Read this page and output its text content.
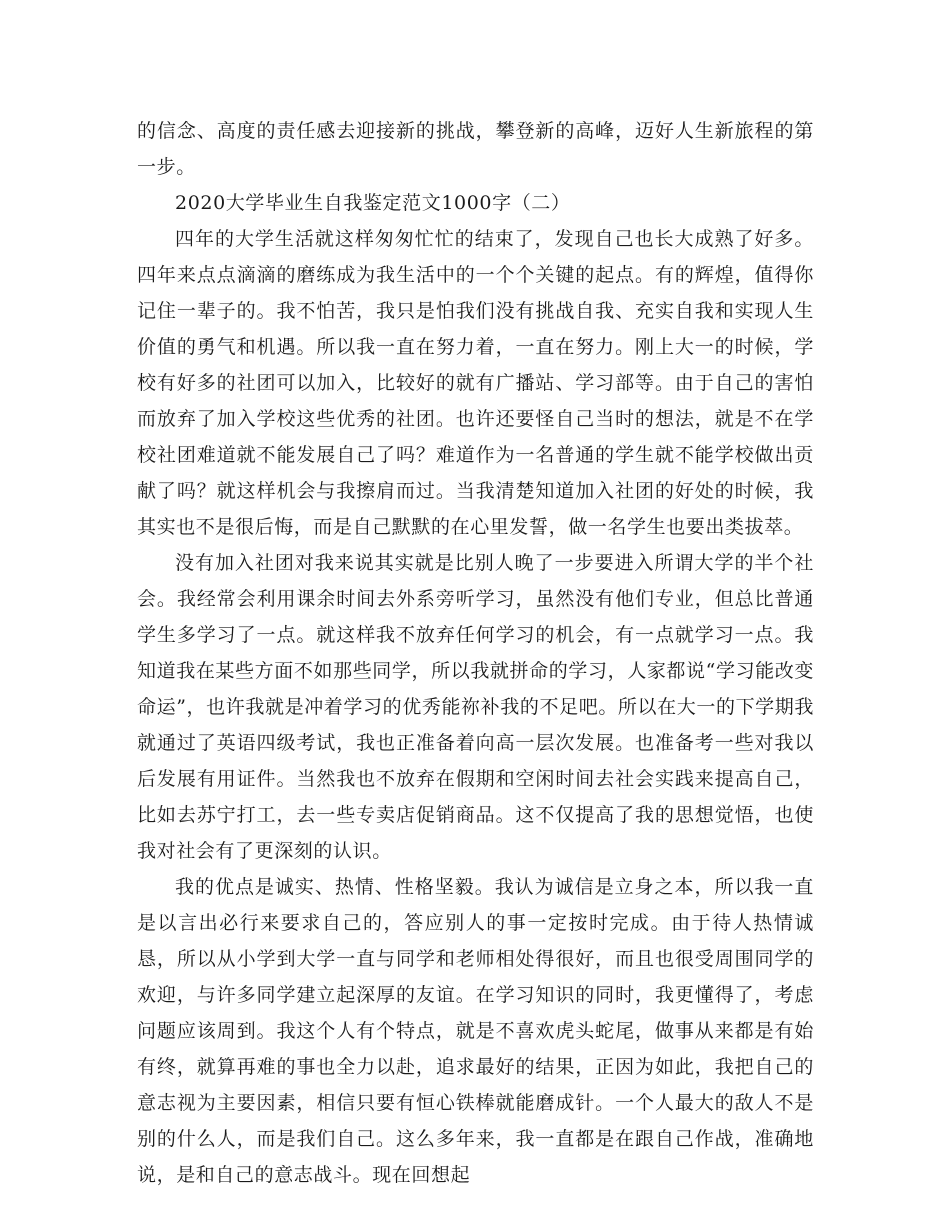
的信念、高度的责任感去迎接新的挑战，攀登新的高峰，迈好人生新旅程的第一步。

2020大学毕业生自我鉴定范文1000字（二）

四年的大学生活就这样匆匆忙忙的结束了，发现自己也长大成熟了好多。四年来点点滴滴的磨练成为我生活中的一个个关键的起点。有的辉煌，值得你记住一辈子的。我不怕苦，我只是怕我们没有挑战自我、充实自我和实现人生价值的勇气和机遇。所以我一直在努力着，一直在努力。刚上大一的时候，学校有好多的社团可以加入，比较好的就有广播站、学习部等。由于自己的害怕而放弃了加入学校这些优秀的社团。也许还要怪自己当时的想法，就是不在学校社团难道就不能发展自己了吗？难道作为一名普通的学生就不能学校做出贡献了吗？就这样机会与我擦肩而过。当我清楚知道加入社团的好处的时候，我其实也不是很后悔，而是自己默默的在心里发誓，做一名学生也要出类拔萃。

没有加入社团对我来说其实就是比别人晚了一步要进入所谓大学的半个社会。我经常会利用课余时间去外系旁听学习，虽然没有他们专业，但总比普通学生多学习了一点。就这样我不放弃任何学习的机会，有一点就学习一点。我知道我在某些方面不如那些同学，所以我就拼命的学习，人家都说“学习能改变命运”，也许我就是冲着学习的优秀能祢补我的不足吧。所以在大一的下学期我就通过了英语四级考试，我也正准备着向高一层次发展。也准备考一些对我以后发展有用证件。当然我也不放弃在假期和空闲时间去社会实践来提高自己，比如去苏宁打工，去一些专卖店促销商品。这不仅提高了我的思想觉悟，也使我对社会有了更深刻的认识。

我的优点是诚实、热情、性格坚毅。我认为诚信是立身之本，所以我一直是以言出必行来要求自己的，答应别人的事一定按时完成。由于待人热情诚恳，所以从小学到大学一直与同学和老师相处得很好，而且也很受周围同学的欢迎，与许多同学建立起深厚的友谊。在学习知识的同时，我更懂得了，考虑问题应该周到。我这个人有个特点，就是不喜欢虎头蛇尾，做事从来都是有始有终，就算再难的事也全力以赴，追求最好的结果，正因为如此，我把自己的意志视为主要因素，相信只要有恒心铁棒就能磨成针。一个人最大的敌人不是别的什么人，而是我们自己。这么多年来，我一直都是在跟自己作战，准确地说，是和自己的意志战斗。现在回想起
